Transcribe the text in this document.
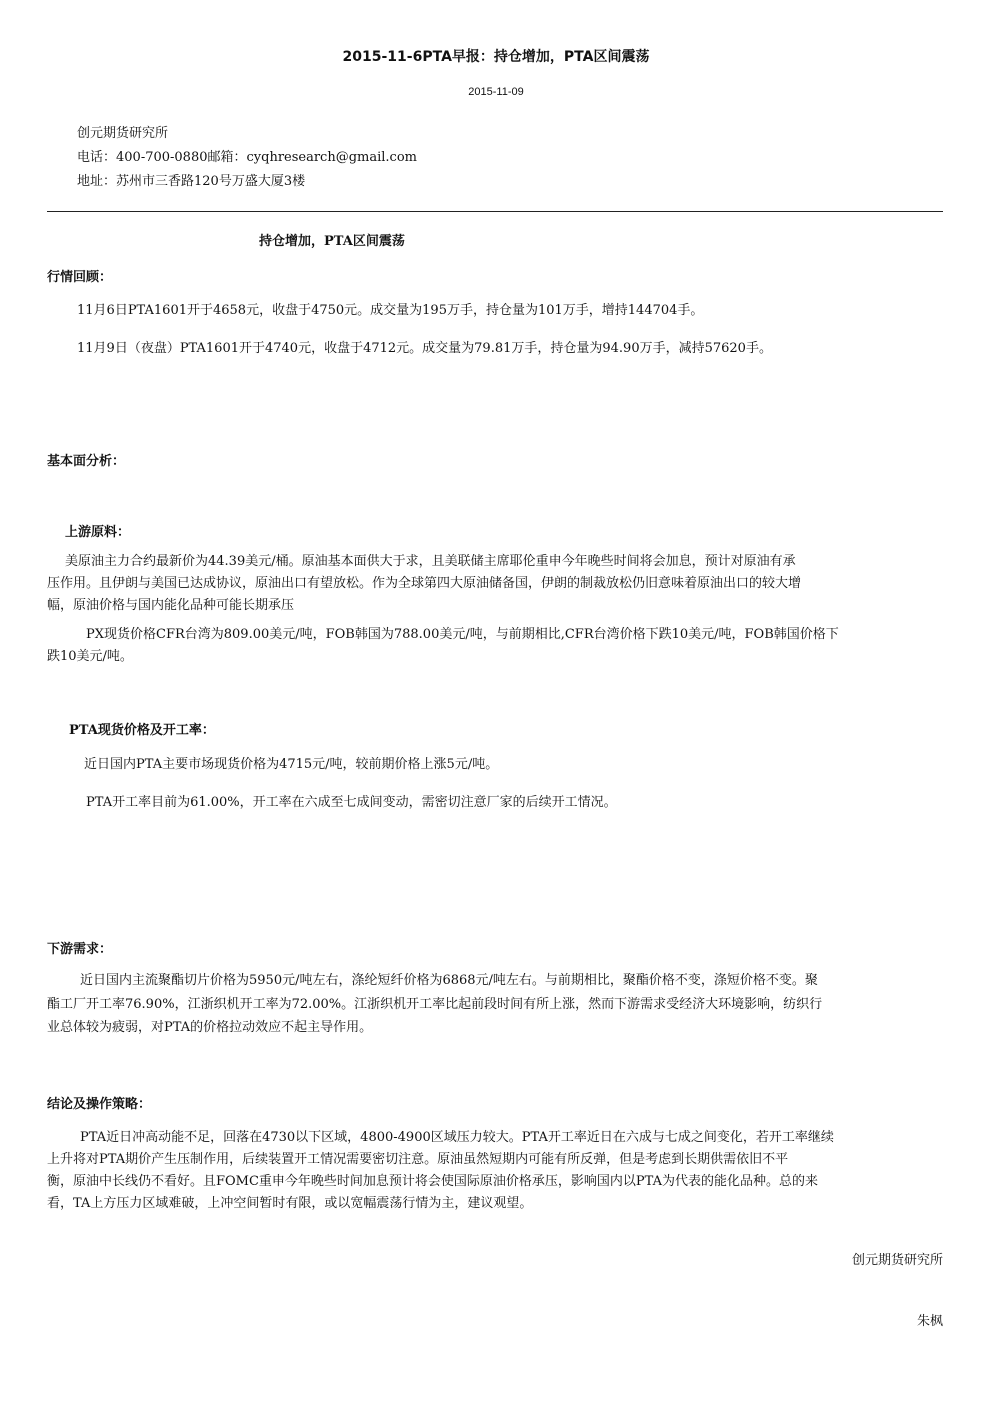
2015-11-6PTA早报：持仓增加，PTA区间震荡
2015-11-09
创元期货研究所
电话：400-700-0880邮箱：cyqhresearch@gmail.com
地址：苏州市三香路120号万盛大厦3楼
持仓增加，PTA区间震荡
行情回顾：
11月6日PTA1601开于4658元，收盘于4750元。成交量为195万手，持仓量为101万手，增持144704手。
11月9日（夜盘）PTA1601开于4740元，收盘于4712元。成交量为79.81万手，持仓量为94.90万手，减持57620手。
基本面分析：
上游原料：
美原油主力合约最新价为44.39美元/桶。原油基本面供大于求，且美联储主席耶伦重申今年晚些时间将会加息，预计对原油有承
压作用。且伊朗与美国已达成协议，原油出口有望放松。作为全球第四大原油储备国，伊朗的制裁放松仍旧意味着原油出口的较大增
幅，原油价格与国内能化品种可能长期承压
PX现货价格CFR台湾为809.00美元/吨，FOB韩国为788.00美元/吨，与前期相比,CFR台湾价格下跌10美元/吨，FOB韩国价格下
跌10美元/吨。
PTA现货价格及开工率：
近日国内PTA主要市场现货价格为4715元/吨，较前期价格上涨5元/吨。
PTA开工率目前为61.00%，开工率在六成至七成间变动，需密切注意厂家的后续开工情况。
下游需求：
近日国内主流聚酯切片价格为5950元/吨左右，涤纶短纤价格为6868元/吨左右。与前期相比，聚酯价格不变，涤短价格不变。聚
酯工厂开工率76.90%，江浙织机开工率为72.00%。江浙织机开工率比起前段时间有所上涨，然而下游需求受经济大环境影响，纺织行
业总体较为疲弱，对PTA的价格拉动效应不起主导作用。
结论及操作策略：
PTA近日冲高动能不足，回落在4730以下区域，4800-4900区域压力较大。PTA开工率近日在六成与七成之间变化，若开工率继续
上升将对PTA期价产生压制作用，后续装置开工情况需要密切注意。原油虽然短期内可能有所反弹，但是考虑到长期供需依旧不平
衡，原油中长线仍不看好。且FOMC重申今年晚些时间加息预计将会使国际原油价格承压，影响国内以PTA为代表的能化品种。总的来
看，TA上方压力区域难破，上冲空间暂时有限，或以宽幅震荡行情为主，建议观望。
创元期货研究所
朱枫
